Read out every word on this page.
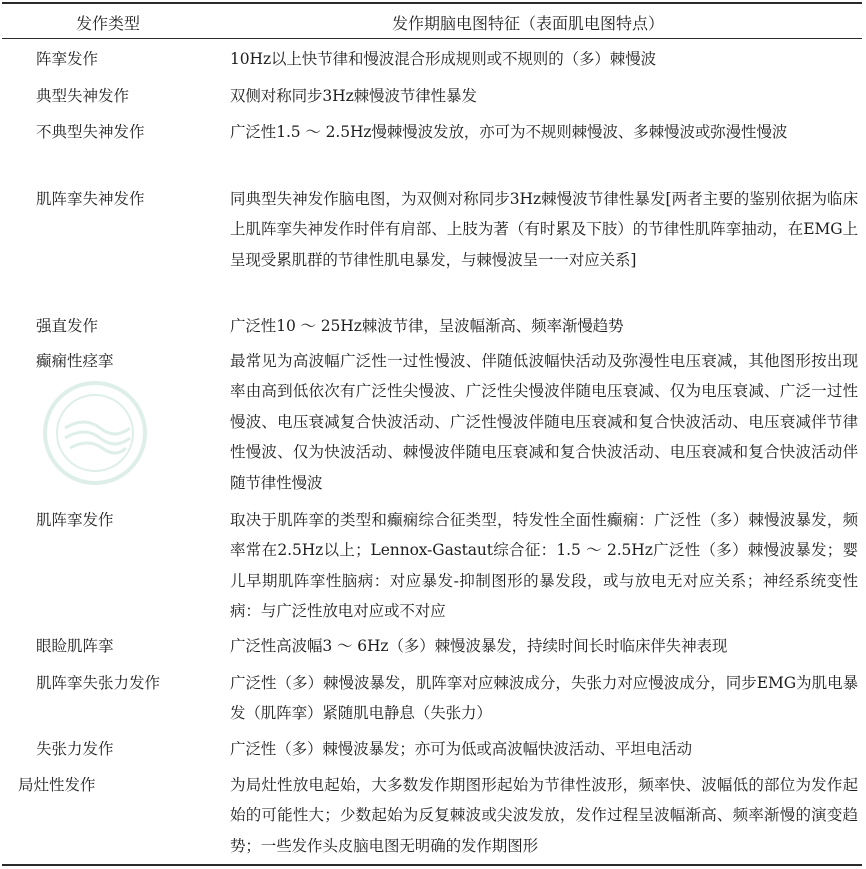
发作类型	发作期脑电图特征（表面肌电图特点）
阵挛发作	10Hz以上快节律和慢波混合形成规则或不规则的（多）棘慢波
典型失神发作	双侧对称同步3Hz棘慢波节律性暴发
不典型失神发作	广泛性1.5 ～ 2.5Hz慢棘慢波发放，亦可为不规则棘慢波、多棘慢波或弥漫性慢波
肌阵挛失神发作	同典型失神发作脑电图，为双侧对称同步3Hz棘慢波节律性暴发[两者主要的鉴别依据为临床上肌阵挛失神发作时伴有肩部、上肢为著（有时累及下肢）的节律性肌阵挛抽动，在EMG上呈现受累肌群的节律性肌电暴发，与棘慢波呈一一对应关系]
强直发作	广泛性10 ～ 25Hz棘波节律，呈波幅渐高、频率渐慢趋势
癫痫性痉挛	最常见为高波幅广泛性一过性慢波、伴随低波幅快活动及弥漫性电压衰减，其他图形按出现率由高到低依次有广泛性尖慢波、广泛性尖慢波伴随电压衰减、仅为电压衰减、广泛一过性慢波、电压衰减复合快波活动、广泛性慢波伴随电压衰减和复合快波活动、电压衰减伴节律性慢波、仅为快波活动、棘慢波伴随电压衰减和复合快波活动、电压衰减和复合快波活动伴随节律性慢波
肌阵挛发作	取决于肌阵挛的类型和癫痫综合征类型，特发性全面性癫痫：广泛性（多）棘慢波暴发，频率常在2.5Hz以上；Lennox-Gastaut综合征：1.5 ～ 2.5Hz广泛性（多）棘慢波暴发；婴儿早期肌阵挛性脑病：对应暴发-抑制图形的暴发段，或与放电无对应关系；神经系统变性病：与广泛性放电对应或不对应
眼睑肌阵挛	广泛性高波幅3 ～ 6Hz（多）棘慢波暴发，持续时间长时临床伴失神表现
肌阵挛失张力发作	广泛性（多）棘慢波暴发，肌阵挛对应棘波成分，失张力对应慢波成分，同步EMG为肌电暴发（肌阵挛）紧随肌电静息（失张力）
失张力发作	广泛性（多）棘慢波暴发；亦可为低或高波幅快波活动、平坦电活动
局灶性发作	为局灶性放电起始，大多数发作期图形起始为节律性波形，频率快、波幅低的部位为发作起始的可能性大；少数起始为反复棘波或尖波发放，发作过程呈波幅渐高、频率渐慢的演变趋势；一些发作头皮脑电图无明确的发作期图形
